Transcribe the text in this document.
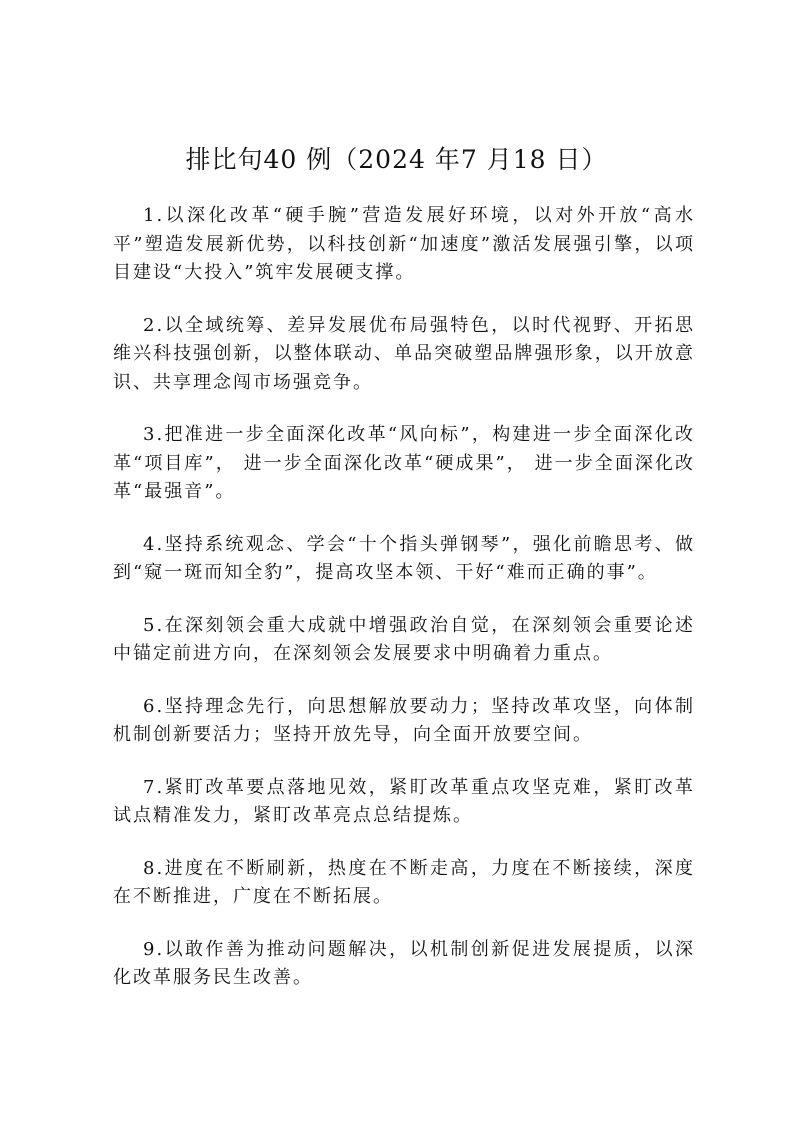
排比句40 例（2024 年7 月18 日）

1.以深化改革“硬手腕”营造发展好环境，以对外开放“高水平”塑造发展新优势，以科技创新“加速度”激活发展强引擎，以项目建设“大投入”筑牢发展硬支撑。

2.以全域统筹、差异发展优布局强特色，以时代视野、开拓思维兴科技强创新，以整体联动、单品突破塑品牌强形象，以开放意识、共享理念闯市场强竞争。

3.把准进一步全面深化改革“风向标”，构建进一步全面深化改革“项目库”， 进一步全面深化改革“硬成果”， 进一步全面深化改革“最强音”。

4.坚持系统观念、学会“十个指头弹钢琴”，强化前瞻思考、做到“窥一斑而知全豹”，提高攻坚本领、干好“难而正确的事”。

5.在深刻领会重大成就中增强政治自觉，在深刻领会重要论述中锚定前进方向，在深刻领会发展要求中明确着力重点。

6.坚持理念先行，向思想解放要动力；坚持改革攻坚，向体制机制创新要活力；坚持开放先导，向全面开放要空间。

7.紧盯改革要点落地见效，紧盯改革重点攻坚克难，紧盯改革试点精准发力，紧盯改革亮点总结提炼。

8.进度在不断刷新，热度在不断走高，力度在不断接续，深度在不断推进，广度在不断拓展。

9.以敢作善为推动问题解决，以机制创新促进发展提质，以深化改革服务民生改善。
